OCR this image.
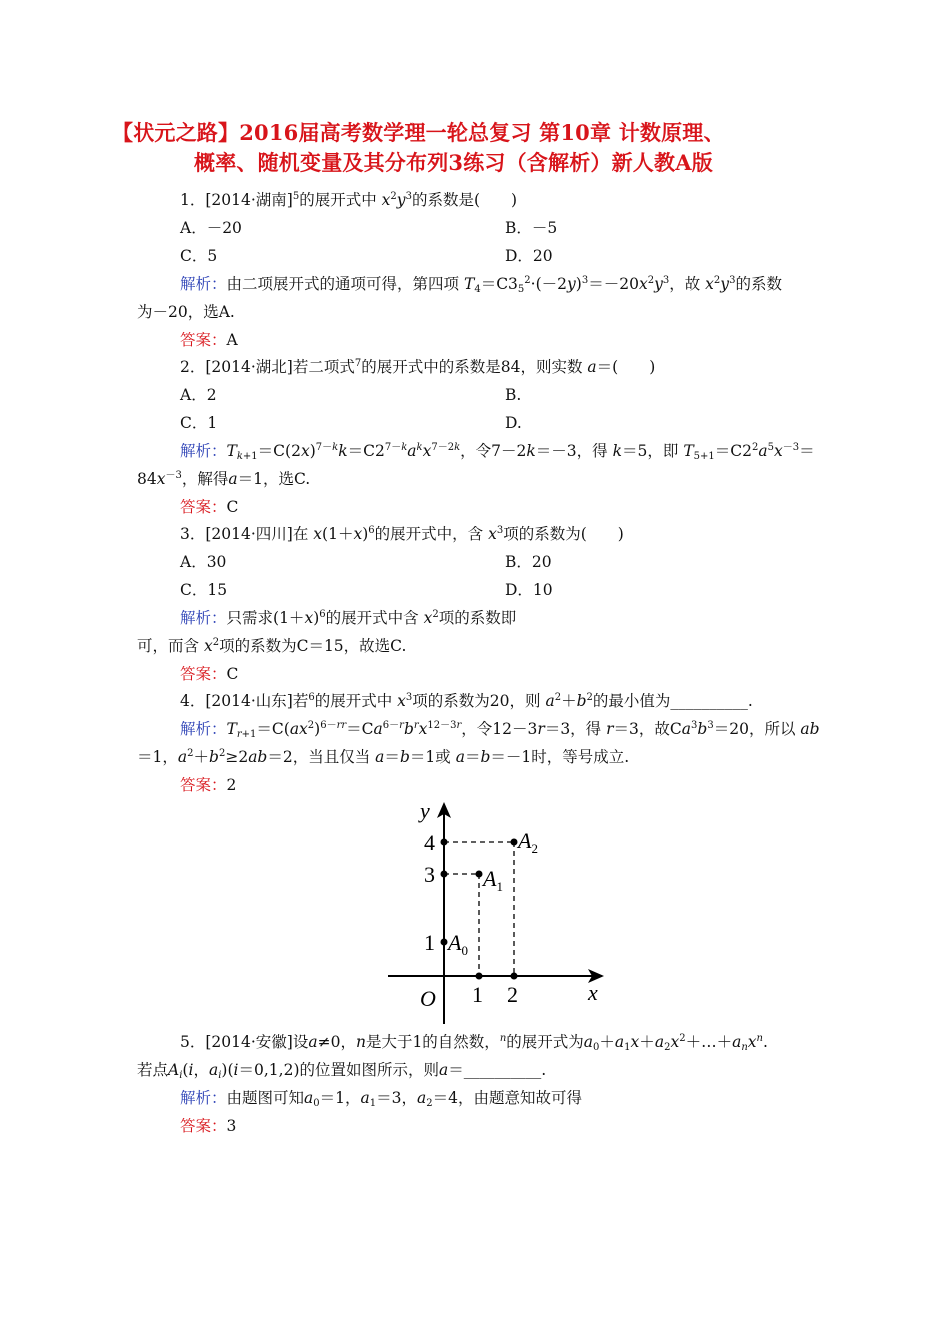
【状元之路】2016届高考数学理一轮总复习 第10章 计数原理、
概率、随机变量及其分布列3练习（含解析）新人教A版
1．[2014·湖南]$^5$的展开式中 $x^2y^3$的系数是(　　)
A．－20	B．－5
C．5	D．20
解析：由二项展开式的通项可得，第四项 $T_4=C3_5^2\cdot(-2y)^3=-20x^2y^3$，故 $x^2y^3$的系数
为－20，选A.
答案：A
2．[2014·湖北]若二项式$^7$的展开式中的系数是84，则实数 a＝(　　)
A．2	B.
C．1	D.
解析：$T_{k+1}=C(2x)^{7-k}k=C2^{7-k}a^kx^{7-2k}$，令7－2k＝－3，得 k＝5，即 $T_{5+1}=C2^2a^5x^{-3}=$
$84x^{-3}$，解得a＝1，选C.
答案：C
3．[2014·四川]在 $x(1+x)^6$的展开式中，含 $x^3$项的系数为(　　)
A．30	B．20
C．15	D．10
解析：只需求$(1+x)^6$的展开式中含 $x^2$项的系数即
可，而含 $x^2$项的系数为C＝15，故选C.
答案：C
4．[2014·山东]若$^6$的展开式中 $x^3$项的系数为20，则 $a^2+b^2$的最小值为__________.
解析：$T_{r+1}=C(ax^2)^{6-rr}=Ca^{6-r}b^rx^{12-3r}$，令12－3r＝3，得 r＝3，故$Ca^3b^3=20$，所以 ab
＝1，$a^2+b^2\ge 2ab=2$，当且仅当 a＝b＝1或 a＝b＝－1时，等号成立.
答案：2
y
x
O
4
3
1
1 2
$A_0$
$A_1$
$A_2$
5．[2014·安徽]设a≠0，n是大于1的自然数，$^n$的展开式为$a_0+a_1x+a_2x^2+\dots+a_nx^n$.
若点$A_i(i$，$a_i)(i=0,1,2)$的位置如图所示，则a＝__________.
解析：由题图可知$a_0=1$，$a_1=3$，$a_2=4$，由题意知故可得
答案：3
